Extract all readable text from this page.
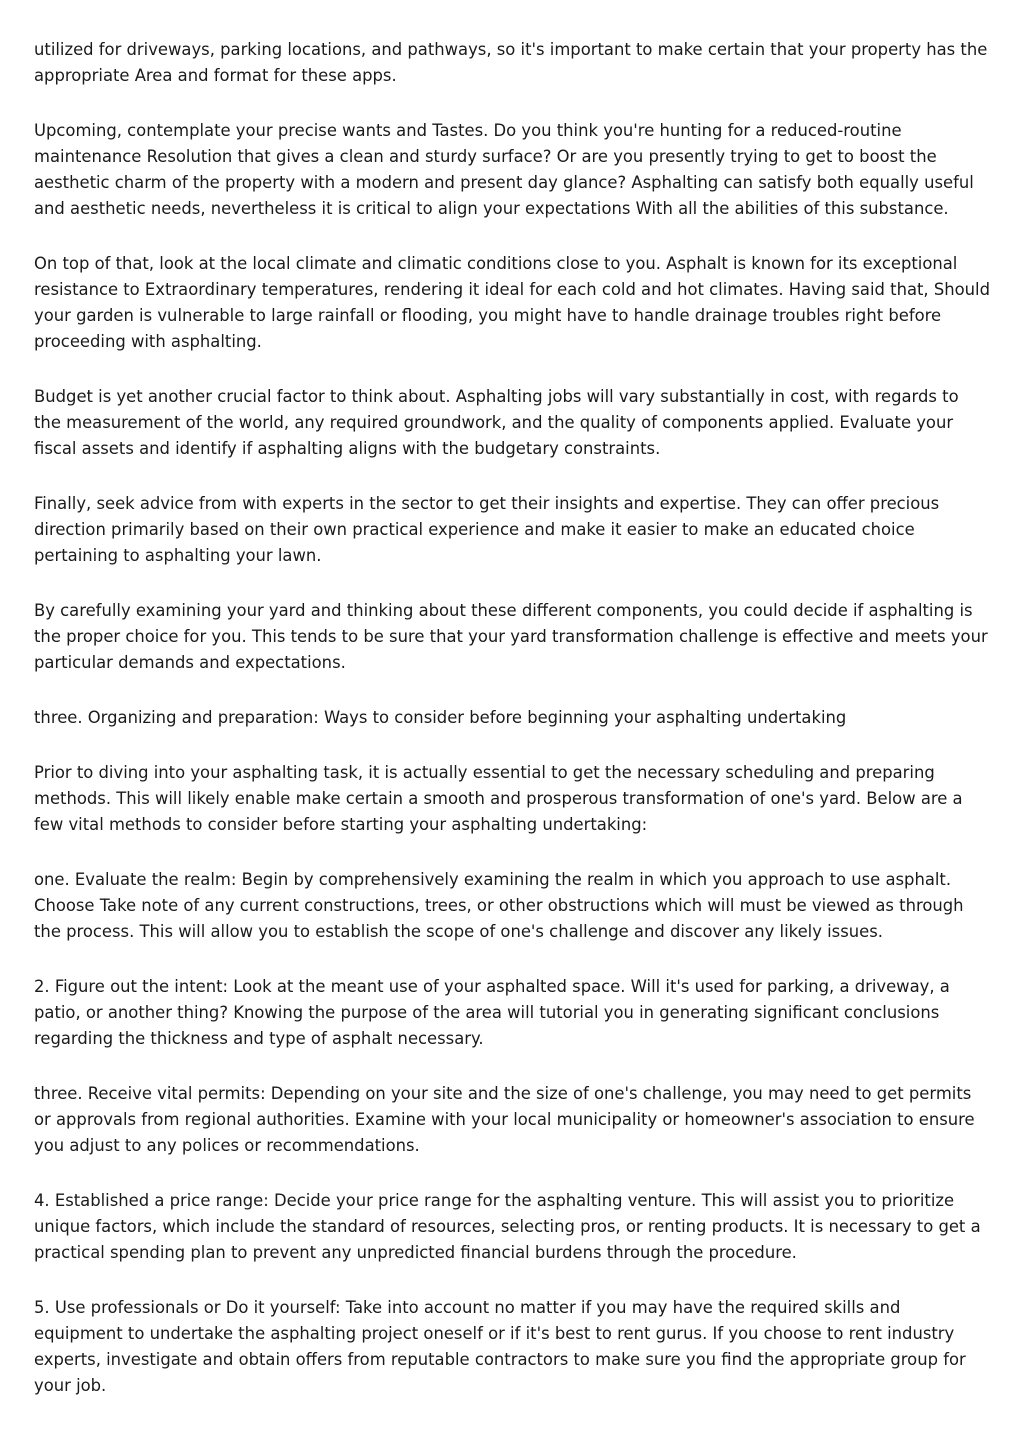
utilized for driveways, parking locations, and pathways, so it's important to make certain that your property has the appropriate Area and format for these apps.

Upcoming, contemplate your precise wants and Tastes. Do you think you're hunting for a reduced-routine maintenance Resolution that gives a clean and sturdy surface? Or are you presently trying to get to boost the aesthetic charm of the property with a modern and present day glance? Asphalting can satisfy both equally useful and aesthetic needs, nevertheless it is critical to align your expectations With all the abilities of this substance.

On top of that, look at the local climate and climatic conditions close to you. Asphalt is known for its exceptional resistance to Extraordinary temperatures, rendering it ideal for each cold and hot climates. Having said that, Should your garden is vulnerable to large rainfall or flooding, you might have to handle drainage troubles right before proceeding with asphalting.

Budget is yet another crucial factor to think about. Asphalting jobs will vary substantially in cost, with regards to the measurement of the world, any required groundwork, and the quality of components applied. Evaluate your fiscal assets and identify if asphalting aligns with the budgetary constraints.

Finally, seek advice from with experts in the sector to get their insights and expertise. They can offer precious direction primarily based on their own practical experience and make it easier to make an educated choice pertaining to asphalting your lawn.

By carefully examining your yard and thinking about these different components, you could decide if asphalting is the proper choice for you. This tends to be sure that your yard transformation challenge is effective and meets your particular demands and expectations.

three. Organizing and preparation: Ways to consider before beginning your asphalting undertaking

Prior to diving into your asphalting task, it is actually essential to get the necessary scheduling and preparing methods. This will likely enable make certain a smooth and prosperous transformation of one's yard. Below are a few vital methods to consider before starting your asphalting undertaking:

one. Evaluate the realm: Begin by comprehensively examining the realm in which you approach to use asphalt. Choose Take note of any current constructions, trees, or other obstructions which will must be viewed as through the process. This will allow you to establish the scope of one's challenge and discover any likely issues.

2. Figure out the intent: Look at the meant use of your asphalted space. Will it's used for parking, a driveway, a patio, or another thing? Knowing the purpose of the area will tutorial you in generating significant conclusions regarding the thickness and type of asphalt necessary.

three. Receive vital permits: Depending on your site and the size of one's challenge, you may need to get permits or approvals from regional authorities. Examine with your local municipality or homeowner's association to ensure you adjust to any polices or recommendations.

4. Established a price range: Decide your price range for the asphalting venture. This will assist you to prioritize unique factors, which include the standard of resources, selecting pros, or renting products. It is necessary to get a practical spending plan to prevent any unpredicted financial burdens through the procedure.

5. Use professionals or Do it yourself: Take into account no matter if you may have the required skills and equipment to undertake the asphalting project oneself or if it's best to rent gurus. If you choose to rent industry experts, investigate and obtain offers from reputable contractors to make sure you find the appropriate group for your job.
